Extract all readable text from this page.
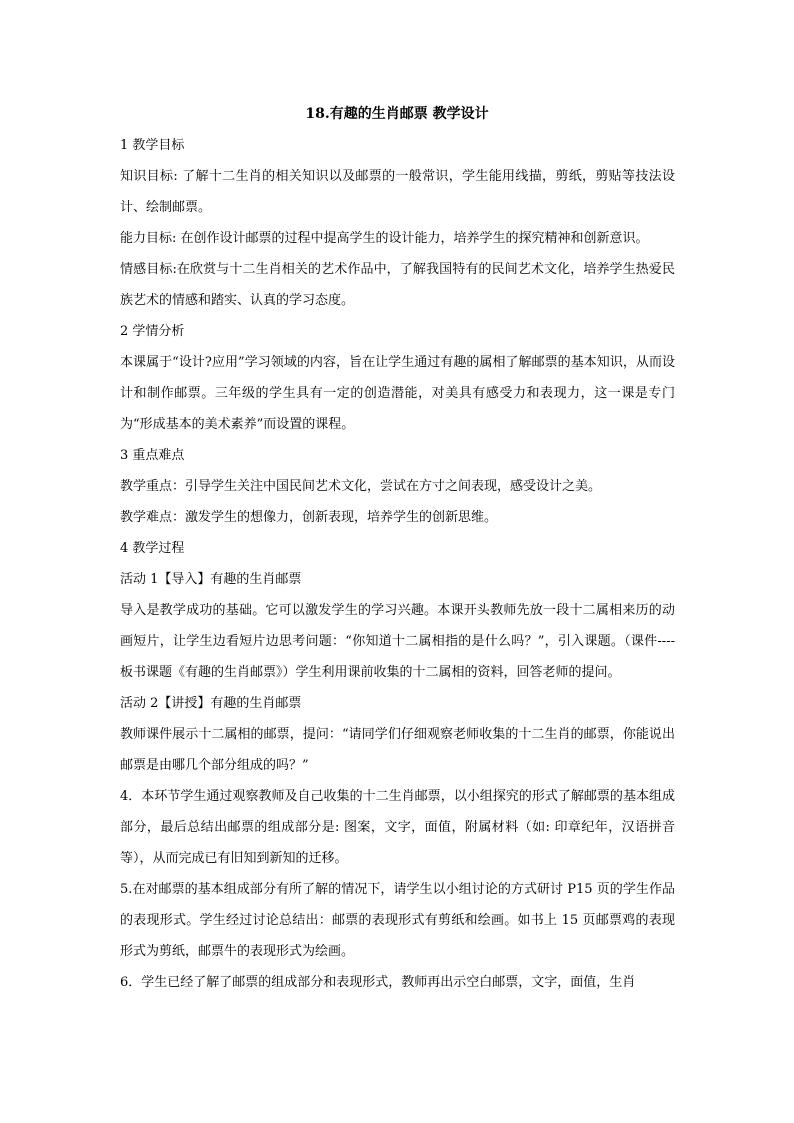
18.有趣的生肖邮票 教学设计

1 教学目标

知识目标: 了解十二生肖的相关知识以及邮票的一般常识，学生能用线描，剪纸，剪贴等技法设计、绘制邮票。

能力目标: 在创作设计邮票的过程中提高学生的设计能力，培养学生的探究精神和创新意识。

情感目标:在欣赏与十二生肖相关的艺术作品中，了解我国特有的民间艺术文化，培养学生热爱民族艺术的情感和踏实、认真的学习态度。

2 学情分析

本课属于“设计?应用”学习领域的内容，旨在让学生通过有趣的属相了解邮票的基本知识，从而设计和制作邮票。三年级的学生具有一定的创造潜能，对美具有感受力和表现力，这一课是专门为“形成基本的美术素养”而设置的课程。

3 重点难点

教学重点：引导学生关注中国民间艺术文化，尝试在方寸之间表现，感受设计之美。

教学难点：激发学生的想像力，创新表现，培养学生的创新思维。

4 教学过程

活动 1【导入】有趣的生肖邮票

导入是教学成功的基础。它可以激发学生的学习兴趣。本课开头教师先放一段十二属相来历的动画短片，让学生边看短片边思考问题：“你知道十二属相指的是什么吗？”，引入课题。（课件----板书课题《有趣的生肖邮票》）学生利用课前收集的十二属相的资料，回答老师的提问。

活动 2【讲授】有趣的生肖邮票

教师课件展示十二属相的邮票，提问：“请同学们仔细观察老师收集的十二生肖的邮票，你能说出邮票是由哪几个部分组成的吗？”

4．本环节学生通过观察教师及自己收集的十二生肖邮票，以小组探究的形式了解邮票的基本组成部分，最后总结出邮票的组成部分是: 图案，文字，面值，附属材料（如: 印章纪年，汉语拼音等），从而完成已有旧知到新知的迁移。

5.在对邮票的基本组成部分有所了解的情况下，请学生以小组讨论的方式研讨 P15 页的学生作品的表现形式。学生经过讨论总结出：邮票的表现形式有剪纸和绘画。如书上 15 页邮票鸡的表现形式为剪纸，邮票牛的表现形式为绘画。

6．学生已经了解了邮票的组成部分和表现形式，教师再出示空白邮票，文字，面值，生肖
